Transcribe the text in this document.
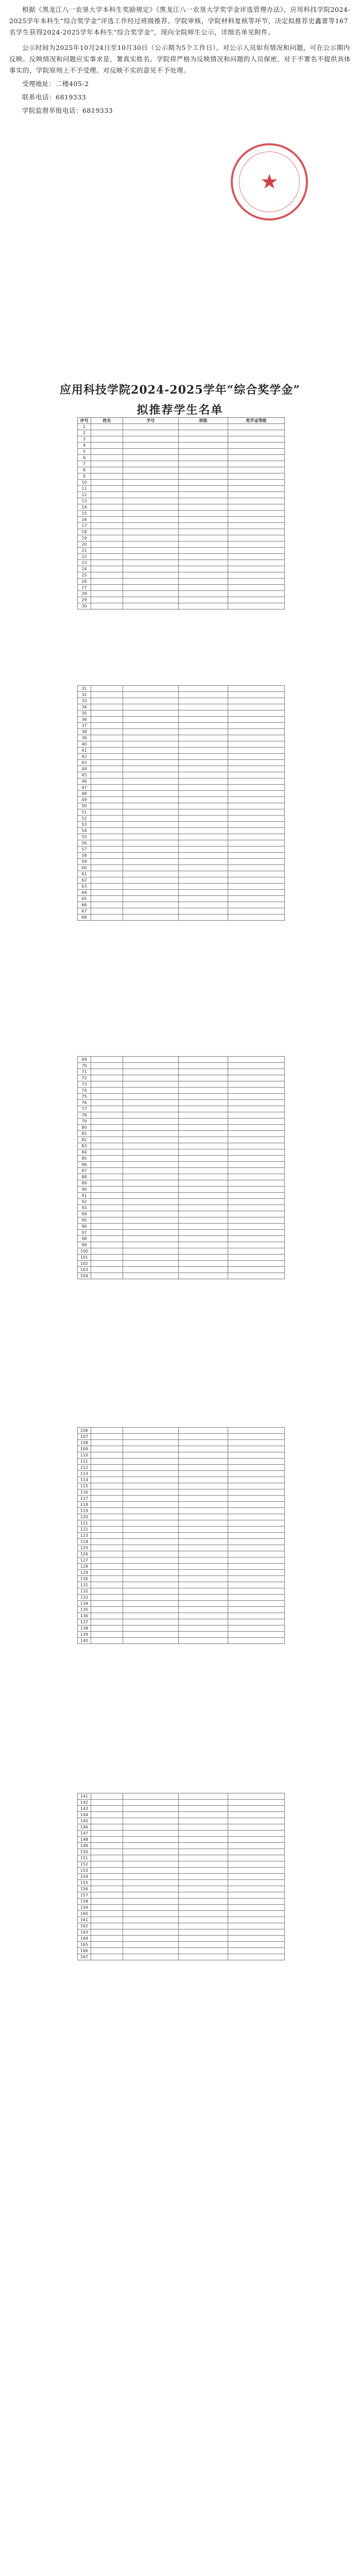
根据《黑龙江八一农垦大学本科生奖励规定》《黑龙江八一农垦大学奖学金评选管理办法》，应用科技学院2024-2025学年本科生“综合奖学金”评选工作经过班级推荐、学院审核，学院材料复核等环节，决定拟推荐史鑫蕾等167名学生获得2024-2025学年本科生“综合奖学金”，现向全院师生公示，详细名单见附件。

公示时间为2025年10月24日至10月30日（公示期为5个工作日）。对公示人员如有情况和问题，可在公示期内反映。反映情况和问题应实事求是，署真实姓名。学院将严格为反映情况和问题的人员保密，对于不署名不提供具体事实的，学院原则上不予受理。对反映不实的意见不予处理。

受理地址：二楼405-2

联系电话：6819333

学院监督举报电话：6819333

★
应用科技学院2024-2025学年“综合奖学金”
拟推荐学生名单
序号	姓名	学号	班级	奖学金等级
1				
2				
3				
4				
5				
6				
7				
8				
9				
10				
11				
12				
13				
14				
15				
16				
17				
18				
19				
20				
21				
22				
23				
24				
25				
26				
27				
28				
29				
30				
31				
32				
33				
34				
35				
36				
37				
38				
39				
40				
41				
42				
43				
44				
45				
46				
47				
48				
49				
50				
51				
52				
53				
54				
55				
56				
57				
58				
59				
60				
61				
62				
63				
64				
65				
66				
67				
68				
69				
70				
71				
72				
73				
74				
75				
76				
77				
78				
79				
80				
81				
82				
83				
84				
85				
86				
87				
88				
89				
90				
91				
92				
93				
94				
95				
96				
97				
98				
99				
100				
101				
102				
103				
104				
106				
107				
108				
109				
110				
111				
112				
113				
114				
115				
116				
117				
118				
119				
120				
121				
122				
123				
124				
125				
126				
127				
128				
129				
130				
131				
132				
133				
134				
135				
136				
137				
138				
139				
140				
141				
142				
143				
144				
145				
146				
147				
148				
149				
150				
151				
152				
153				
154				
155				
156				
157				
158				
159				
160				
161				
162				
163				
164				
165				
166				
167				
